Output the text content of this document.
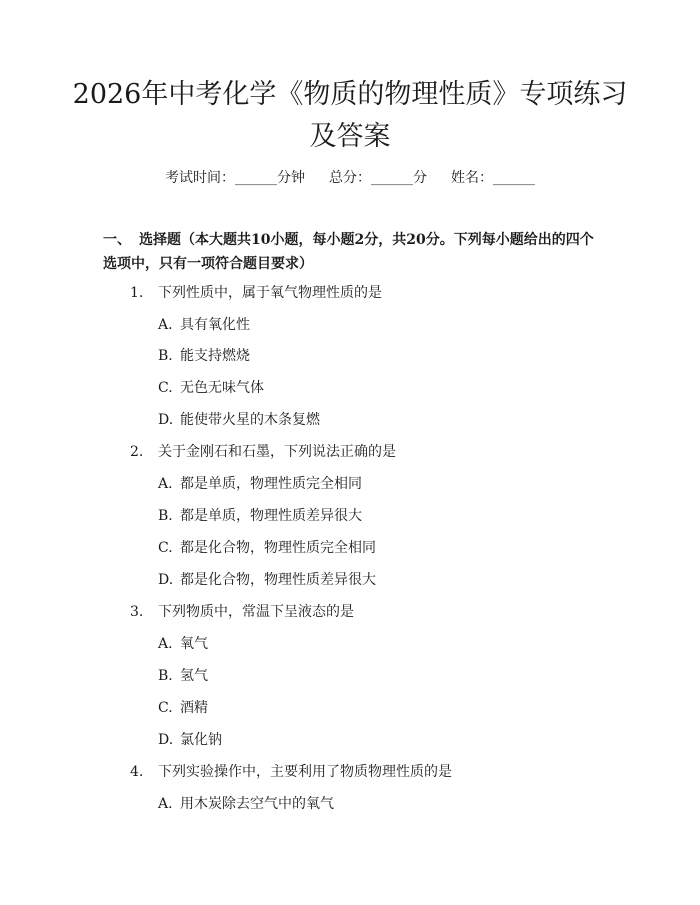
2026年中考化学《物质的物理性质》专项练习及答案
考试时间：______分钟 总分：______分 姓名：______

一、 选择题（本大题共10小题，每小题2分，共20分。下列每小题给出的四个选项中，只有一项符合题目要求）

1. 下列性质中，属于氧气物理性质的是
A. 具有氧化性
B. 能支持燃烧
C. 无色无味气体
D. 能使带火星的木条复燃
2. 关于金刚石和石墨，下列说法正确的是
A. 都是单质，物理性质完全相同
B. 都是单质，物理性质差异很大
C. 都是化合物，物理性质完全相同
D. 都是化合物，物理性质差异很大
3. 下列物质中，常温下呈液态的是
A. 氧气
B. 氢气
C. 酒精
D. 氯化钠
4. 下列实验操作中，主要利用了物质物理性质的是
A. 用木炭除去空气中的氧气
